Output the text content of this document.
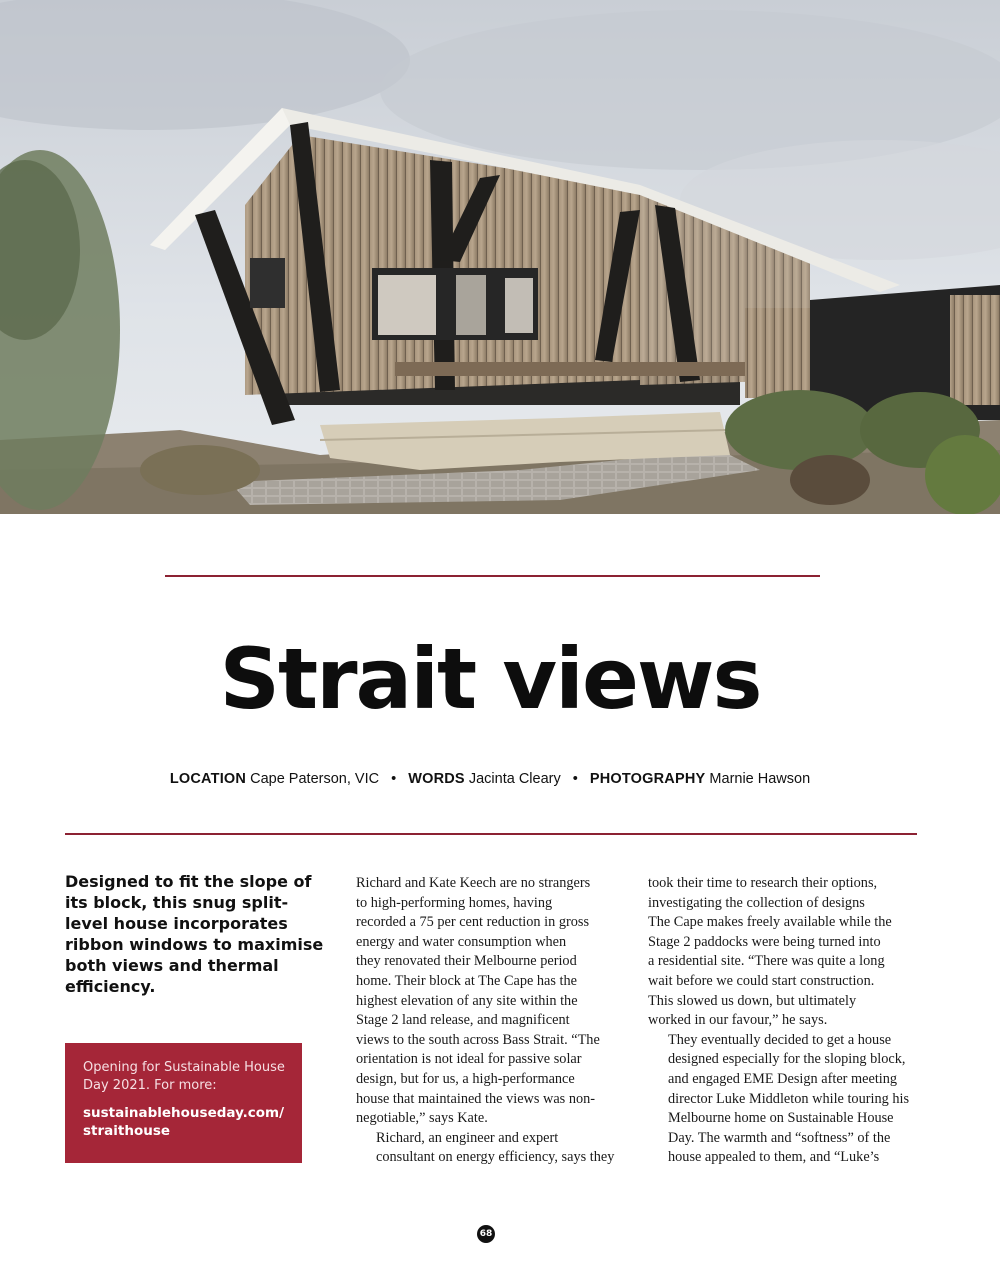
Strait views
LOCATION Cape Paterson, VIC • WORDS Jacinta Cleary • PHOTOGRAPHY Marnie Hawson

Designed to fit the slope of its block, this snug split-level house incorporates ribbon windows to maximise both views and thermal efficiency.

Opening for Sustainable House Day 2021. For more:
sustainablehouseday.com/
straithouse

Richard and Kate Keech are no strangers
to high-performing homes, having
recorded a 75 per cent reduction in gross
energy and water consumption when
they renovated their Melbourne period
home. Their block at The Cape has the
highest elevation of any site within the
Stage 2 land release, and magnificent
views to the south across Bass Strait. “The
orientation is not ideal for passive solar
design, but for us, a high-performance
house that maintained the views was non-
negotiable,” says Kate.

Richard, an engineer and expert
consultant on energy efficiency, says they

took their time to research their options,
investigating the collection of designs
The Cape makes freely available while the
Stage 2 paddocks were being turned into
a residential site. “There was quite a long
wait before we could start construction.
This slowed us down, but ultimately
worked in our favour,” he says.

They eventually decided to get a house
designed especially for the sloping block,
and engaged EME Design after meeting
director Luke Middleton while touring his
Melbourne home on Sustainable House
Day. The warmth and “softness” of the
house appealed to them, and “Luke’s

68
